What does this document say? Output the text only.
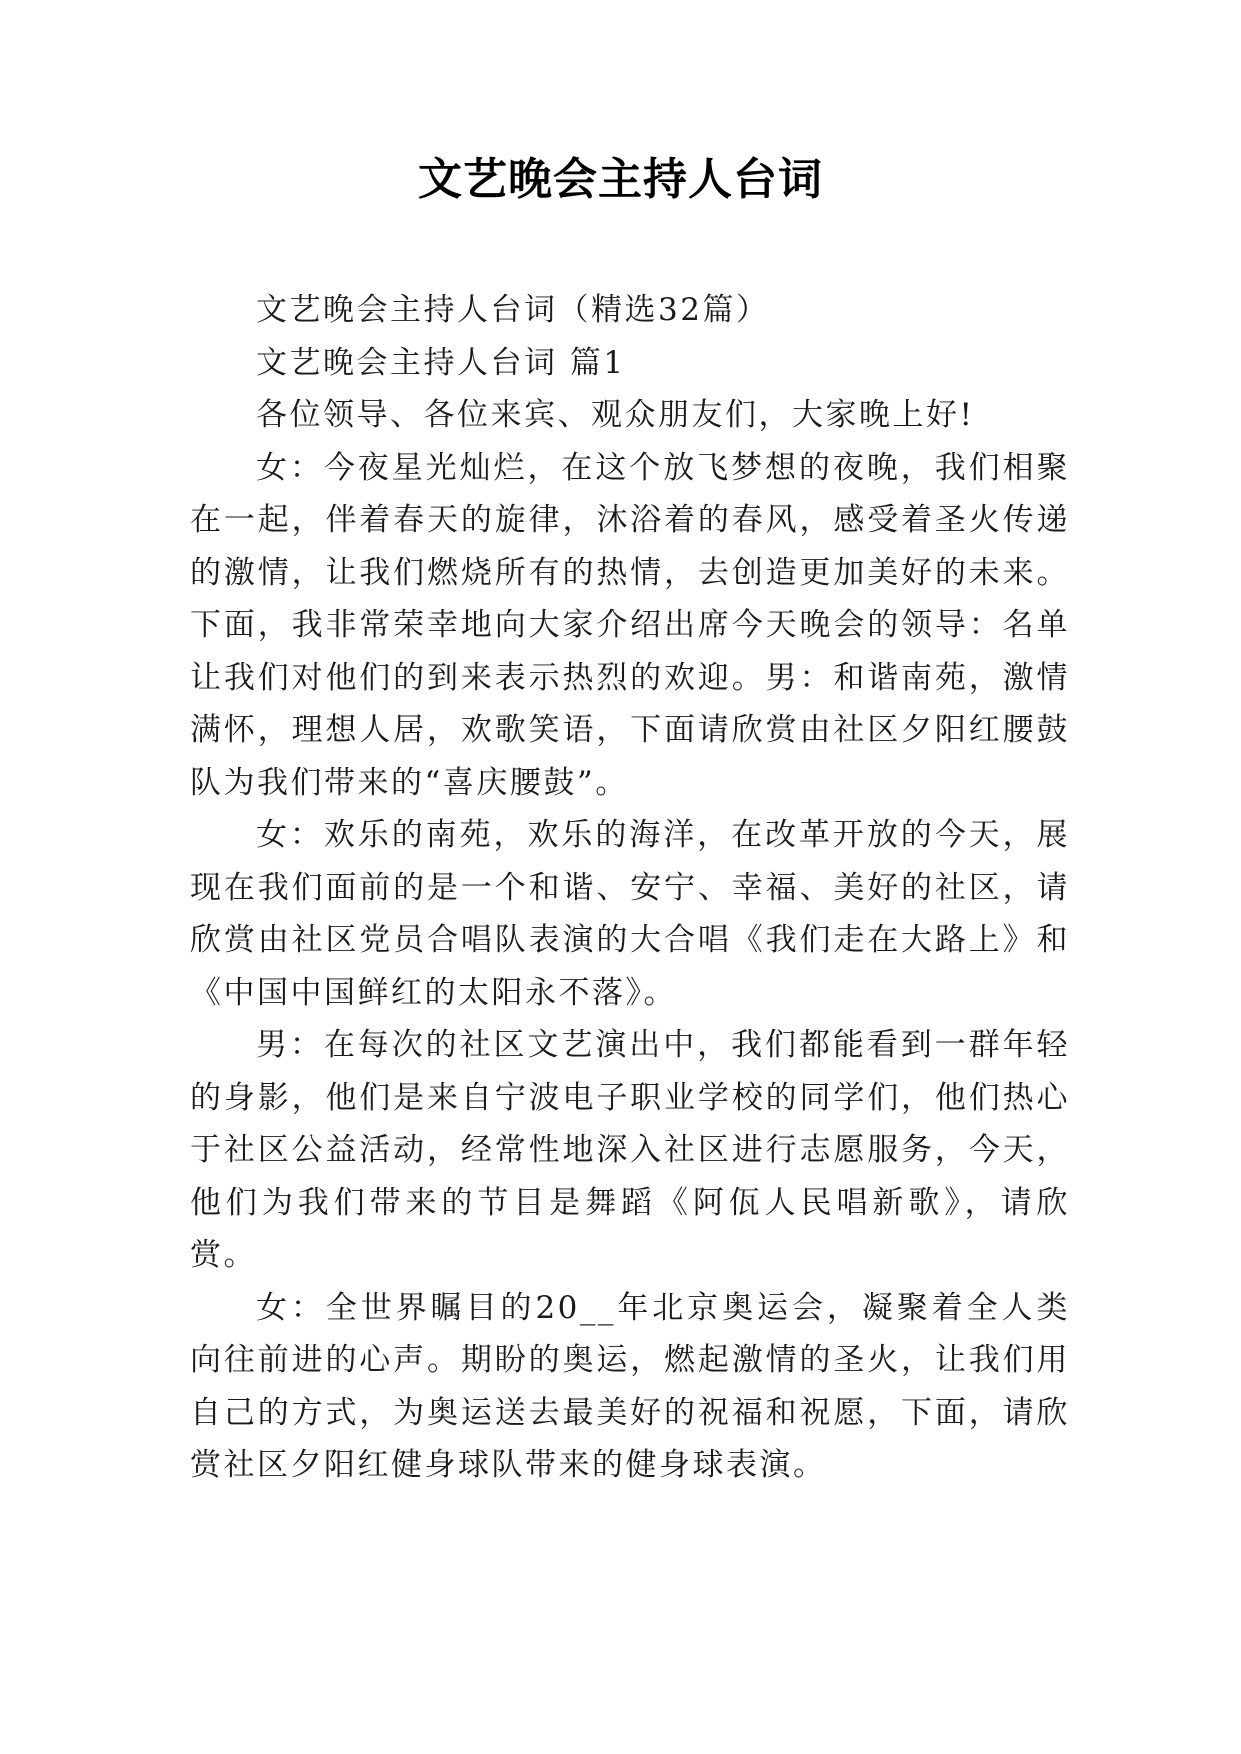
文艺晚会主持人台词

文艺晚会主持人台词（精选32篇）

文艺晚会主持人台词 篇1

各位领导、各位来宾、观众朋友们，大家晚上好!

女：今夜星光灿烂，在这个放飞梦想的夜晚，我们相聚在一起，伴着春天的旋律，沐浴着的春风，感受着圣火传递的激情，让我们燃烧所有的热情，去创造更加美好的未来。下面，我非常荣幸地向大家介绍出席今天晚会的领导：名单让我们对他们的到来表示热烈的欢迎。男：和谐南苑，激情满怀，理想人居，欢歌笑语，下面请欣赏由社区夕阳红腰鼓队为我们带来的“喜庆腰鼓”。

女：欢乐的南苑，欢乐的海洋，在改革开放的今天，展现在我们面前的是一个和谐、安宁、幸福、美好的社区，请欣赏由社区党员合唱队表演的大合唱《我们走在大路上》和《中国中国鲜红的太阳永不落》。

男：在每次的社区文艺演出中，我们都能看到一群年轻的身影，他们是来自宁波电子职业学校的同学们，他们热心于社区公益活动，经常性地深入社区进行志愿服务，今天，他们为我们带来的节目是舞蹈《阿佤人民唱新歌》，请欣赏。

女：全世界瞩目的20__年北京奥运会，凝聚着全人类向往前进的心声。期盼的奥运，燃起激情的圣火，让我们用自己的方式，为奥运送去最美好的祝福和祝愿，下面，请欣赏社区夕阳红健身球队带来的健身球表演。
